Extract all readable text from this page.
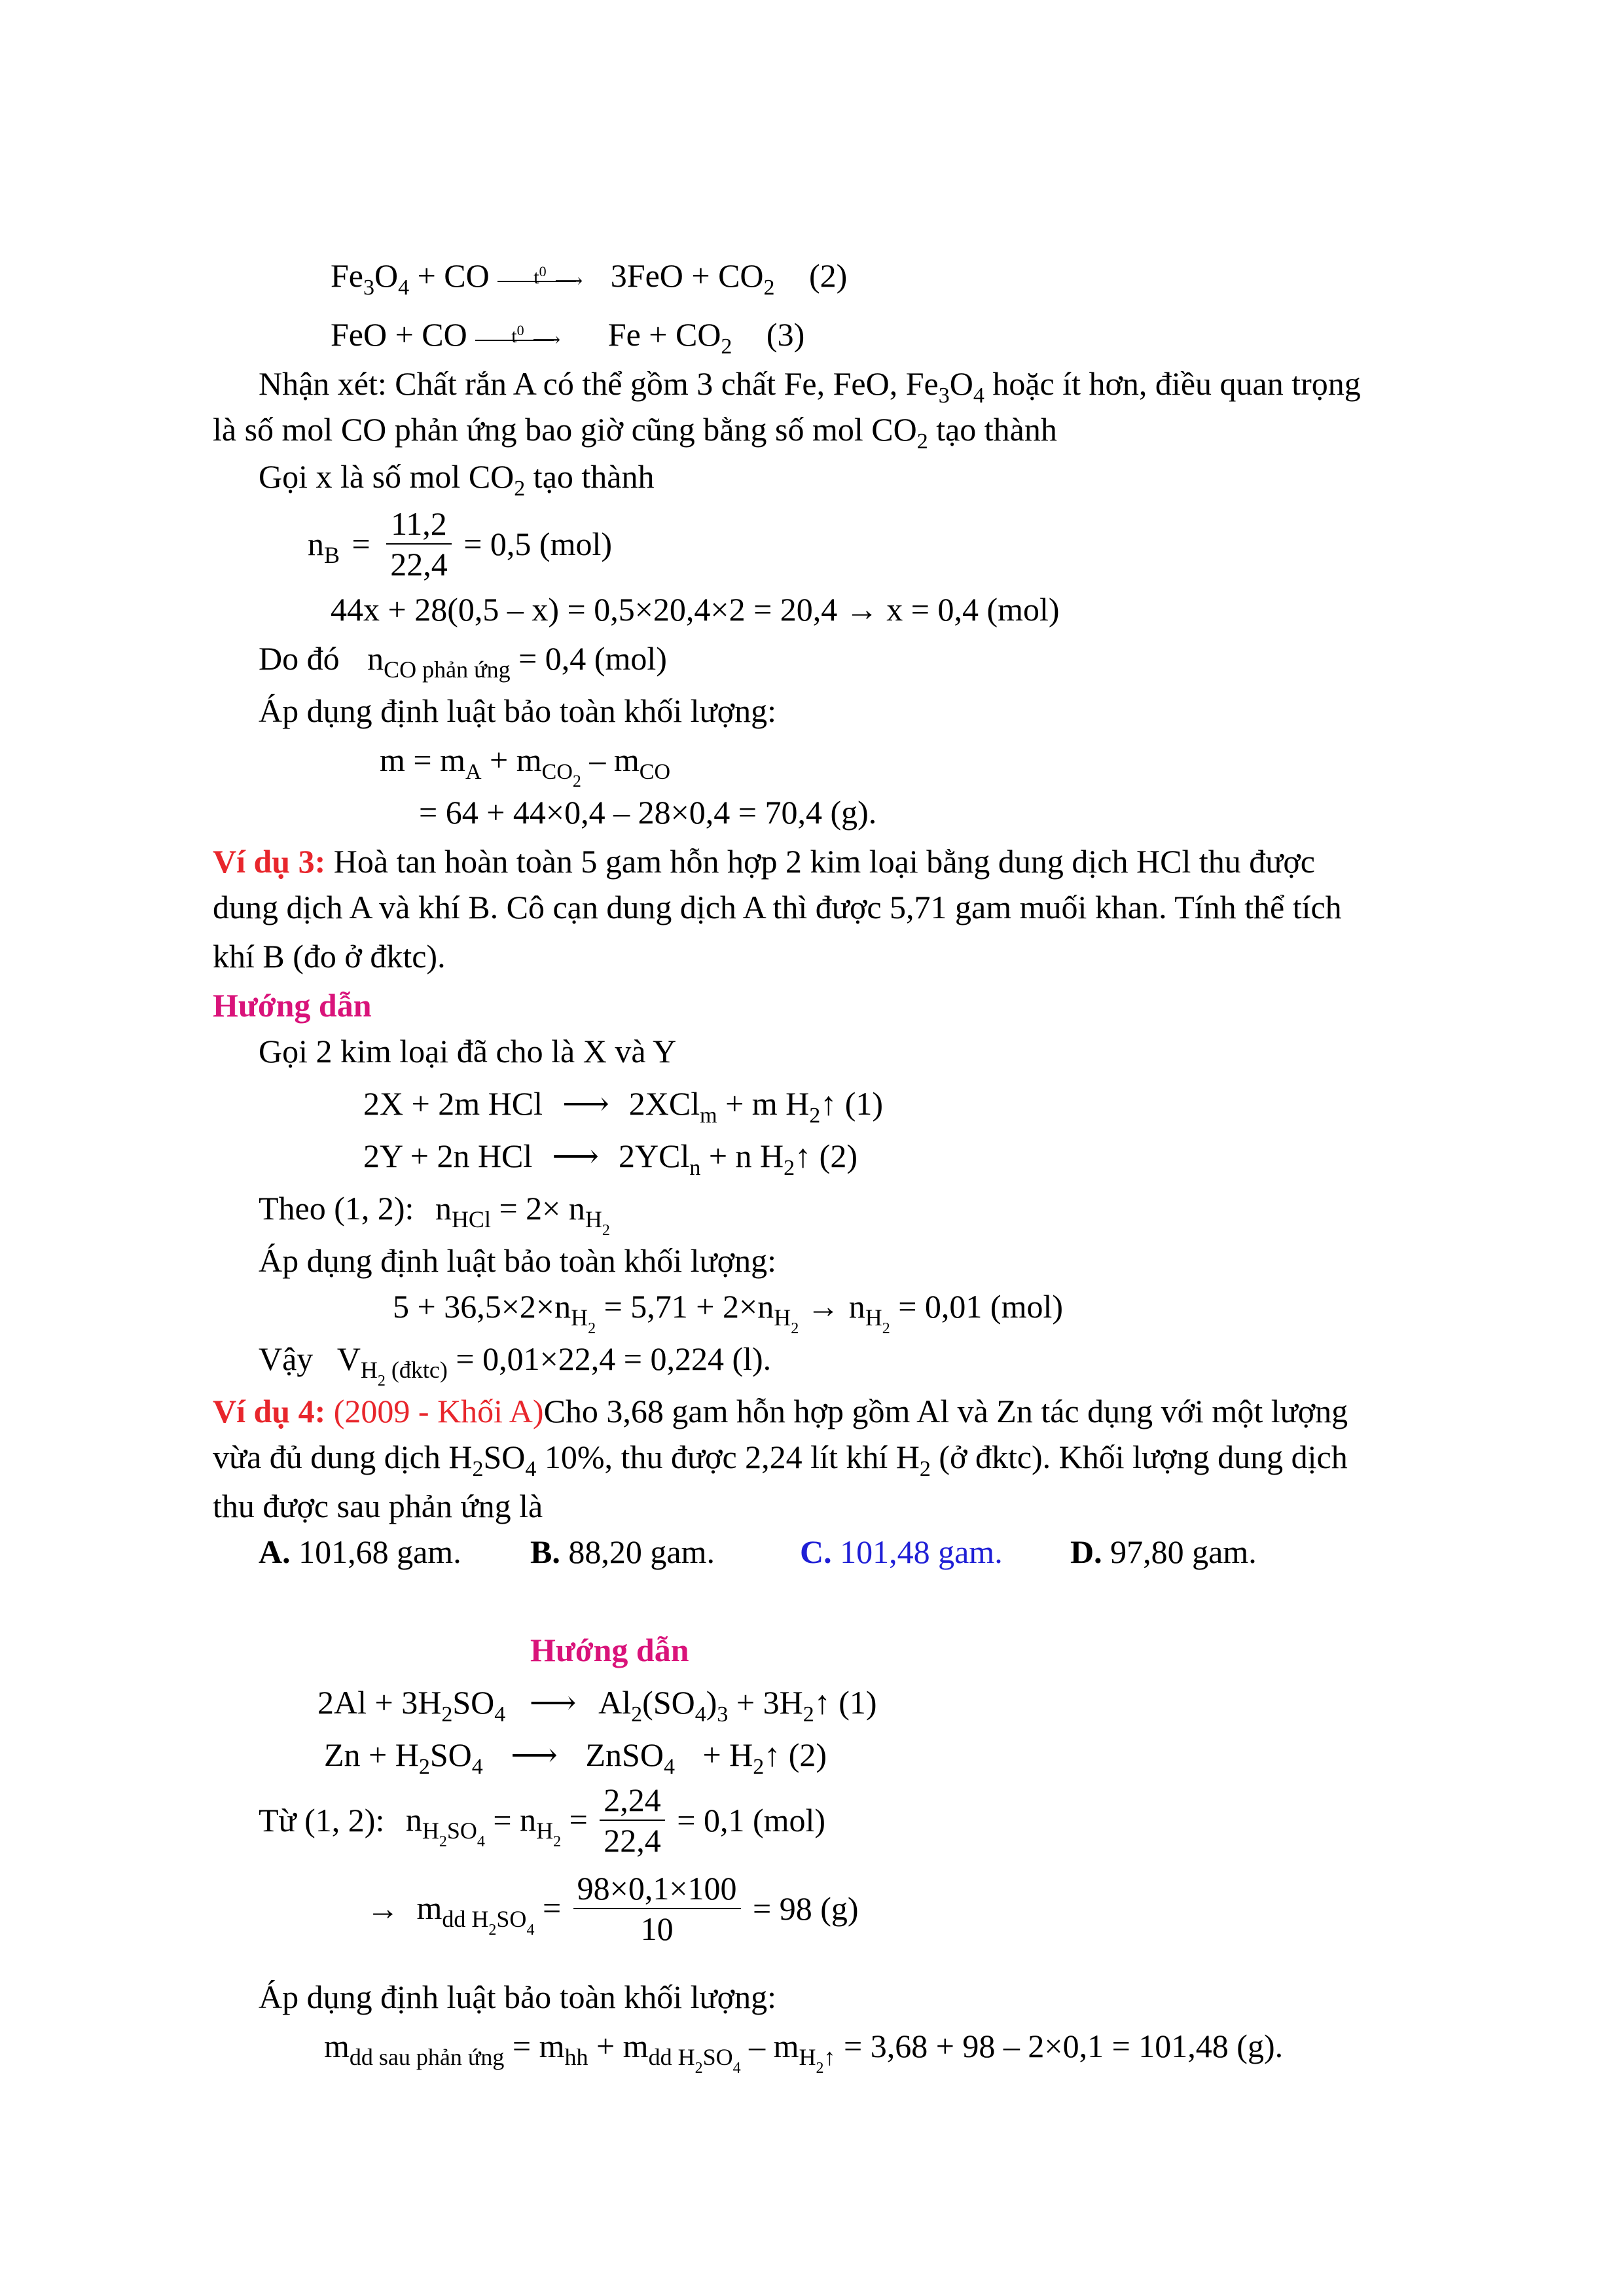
$Fe_3O_4$ + CO $t^0$ ⟶ $3FeO + CO_2$ (2)
FeO + CO $t^0$ ⟶ $Fe + CO_2$ (3)
Nhận xét: Chất rắn A có thể gồm 3 chất Fe, FeO, $Fe_3O_4$ hoặc ít hơn, điều quan trọng
là số mol CO phản ứng bao giờ cũng bằng số mol $CO_2$ tạo thành
Gọi x là số mol $CO_2$ tạo thành
$n_B = \frac{11,2}{22,4} = 0,5$ (mol)
44x + 28(0,5 – x) = 0,5×20,4×2 = 20,4 → x = 0,4 (mol)
Do đó $n_{CO phản ứng} = 0,4$ (mol)
Áp dụng định luật bảo toàn khối lượng:
$m = m_A + m_{CO_2} - m_{CO}$
= 64 + 44×0,4 – 28×0,4 = 70,4 (g).
Ví dụ 3: Hoà tan hoàn toàn 5 gam hỗn hợp 2 kim loại bằng dung dịch HCl thu được
dung dịch A và khí B. Cô cạn dung dịch A thì được 5,71 gam muối khan. Tính thể tích
khí B (đo ở đktc).
Hướng dẫn
Gọi 2 kim loại đã cho là X và Y
2X + 2m HCl ⟶ 2XCl$_m$ + m $H_2↑$ (1)
2Y + 2n HCl ⟶ 2YCl$_n$ + n $H_2↑$ (2)
Theo (1, 2): $n_{HCl} = 2\times n_{H_2}$
Áp dụng định luật bảo toàn khối lượng:
$5 + 36,5\times 2\times n_{H_2} = 5,71 + 2\times n_{H_2} \to n_{H_2} = 0,01$ (mol)
Vậy $V_{H_2 (đktc)} = 0,01\times 22,4 = 0,224$ (l).
Ví dụ 4: (2009 - Khối A)Cho 3,68 gam hỗn hợp gồm Al và Zn tác dụng với một lượng
vừa đủ dung dịch $H_2SO_4$ 10%, thu được 2,24 lít khí $H_2$ (ở đktc). Khối lượng dung dịch
thu được sau phản ứng là
A. 101,68 gam. B. 88,20 gam.	C. 101,48 gam. D. 97,80 gam.
Hướng dẫn
$2Al + 3H_2SO_4$ ⟶ $Al_2(SO_4)_3$ + $3H_2↑$ (1)
$Zn + H_2SO_4$ ⟶ ZnSO$_4$ + $H_2↑$ (2)
Từ (1, 2): $n_{H_2SO_4} = n_{H_2} = \frac{2,24}{22,4} = 0,1$ (mol)
→ $m_{dd H_2SO_4} = \frac{98\times 0,1\times 100}{10} = 98$ (g)
Áp dụng định luật bảo toàn khối lượng:
$m_{dd sau phản ứng} = m_{hh} + m_{dd H_2SO_4} - m_{H_2↑} = 3,68 + 98 - 2\times 0,1 = 101,48$ (g).
